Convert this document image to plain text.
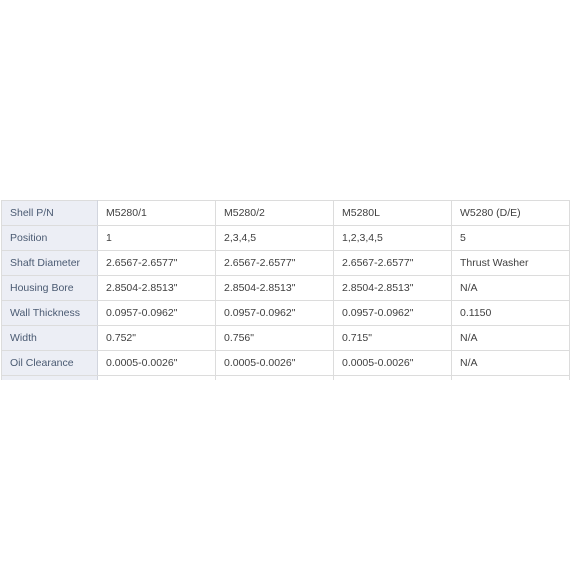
Shell P/N	M5280/1	M5280/2	M5280L	W5280 (D/E)
Position	1	2,3,4,5	1,2,3,4,5	5
Shaft Diameter	2.6567-2.6577"	2.6567-2.6577"	2.6567-2.6577"	Thrust Washer
Housing Bore	2.8504-2.8513"	2.8504-2.8513"	2.8504-2.8513"	N/A
Wall Thickness	0.0957-0.0962"	0.0957-0.0962"	0.0957-0.0962"	0.1150
Width	0.752"	0.756"	0.715"	N/A
Oil Clearance	0.0005-0.0026"	0.0005-0.0026"	0.0005-0.0026"	N/A
